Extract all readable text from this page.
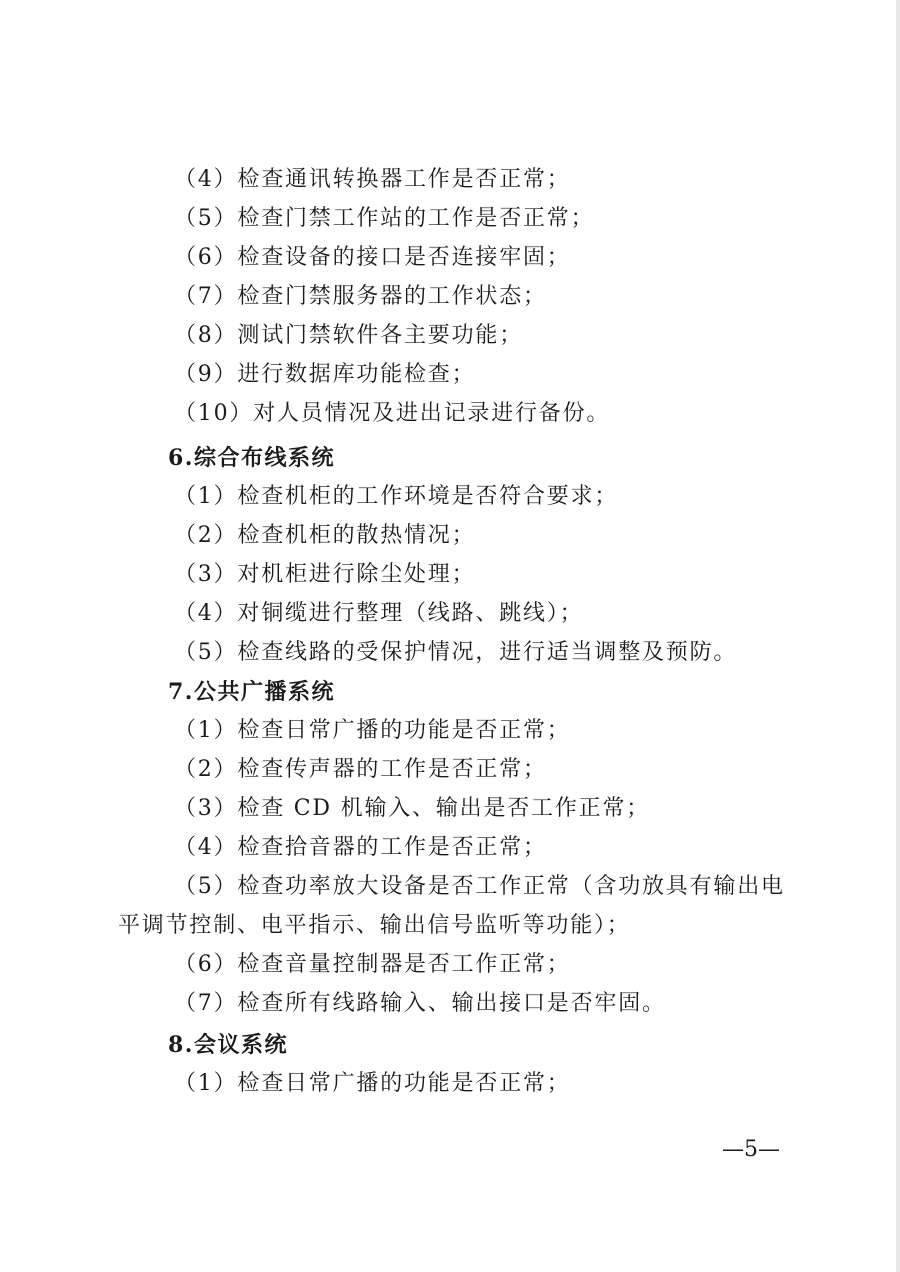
（4）检查通讯转换器工作是否正常；
（5）检查门禁工作站的工作是否正常；
（6）检查设备的接口是否连接牢固；
（7）检查门禁服务器的工作状态；
（8）测试门禁软件各主要功能；
（9）进行数据库功能检查；
（10）对人员情况及进出记录进行备份。
6.综合布线系统
（1）检查机柜的工作环境是否符合要求；
（2）检查机柜的散热情况；
（3）对机柜进行除尘处理；
（4）对铜缆进行整理（线路、跳线）；
（5）检查线路的受保护情况，进行适当调整及预防。
7.公共广播系统
（1）检查日常广播的功能是否正常；
（2）检查传声器的工作是否正常；
（3）检查 CD 机输入、输出是否工作正常；
（4）检查拾音器的工作是否正常；
（5）检查功率放大设备是否工作正常（含功放具有输出电
平调节控制、电平指示、输出信号监听等功能）；
（6）检查音量控制器是否工作正常；
（7）检查所有线路输入、输出接口是否牢固。
8.会议系统
（1）检查日常广播的功能是否正常；
—5—
